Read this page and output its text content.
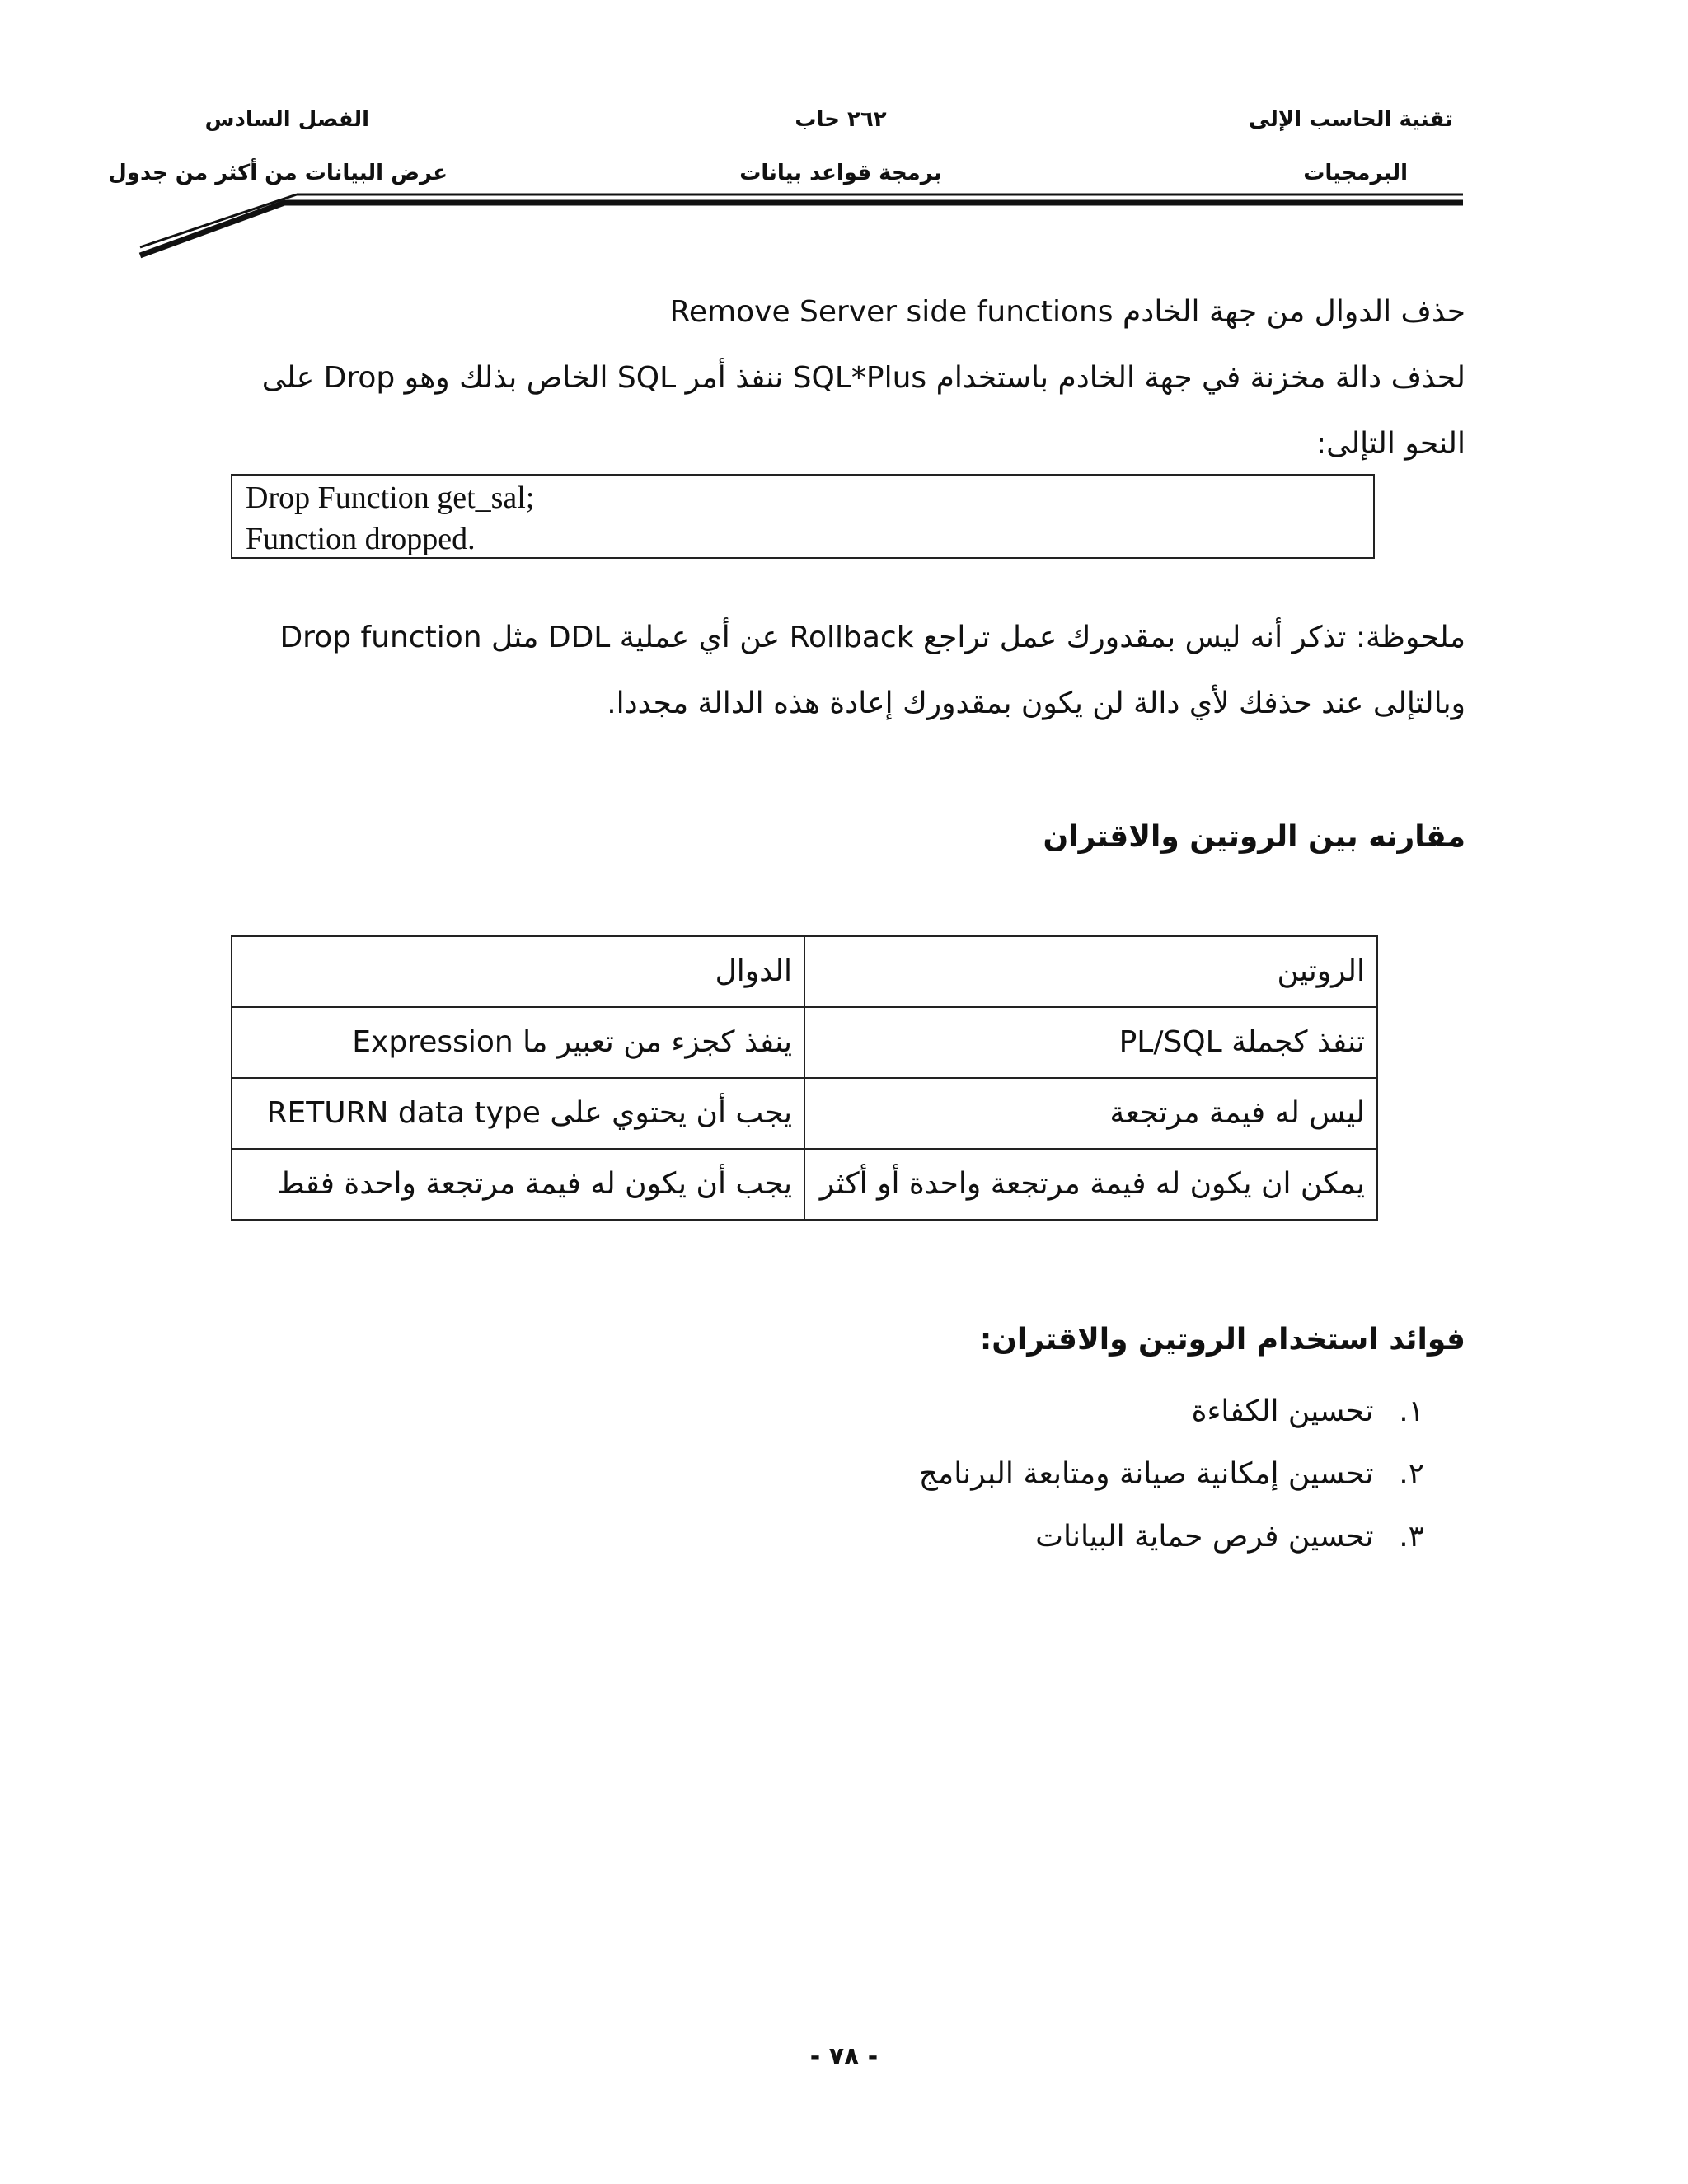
تقنية الحاسب الإلى
البرمجيات
٢٦٢ حاب
برمجة قواعد بيانات
الفصل السادس
عرض البيانات من أكثر من جدول
حذف الدوال من جهة الخادم Remove Server side functions
لحذف دالة مخزنة في جهة الخادم باستخدام SQL*Plus ننفذ أمر SQL الخاص بذلك وهو Drop على
النحو التإلى:
Drop Function get_sal;
Function dropped.
ملحوظة: تذكر أنه ليس بمقدورك عمل تراجع Rollback عن أي عملية DDL مثل Drop function
وبالتإلى عند حذفك لأي دالة لن يكون بمقدورك إعادة هذه الدالة مجددا.
مقارنه بين الروتين والاقتران
الروتين	الدوال
تنفذ كجملة PL/SQL	ينفذ كجزء من تعبير ما Expression
ليس له فيمة مرتجعة	يجب أن يحتوي على RETURN data type
يمكن ان يكون له فيمة مرتجعة واحدة أو أكثر	يجب أن يكون له فيمة مرتجعة واحدة فقط
فوائد استخدام الروتين والاقتران:
١. تحسين الكفاءة
٢. تحسين إمكانية صيانة ومتابعة البرنامج
٣. تحسين فرص حماية البيانات
- ٧٨ -
